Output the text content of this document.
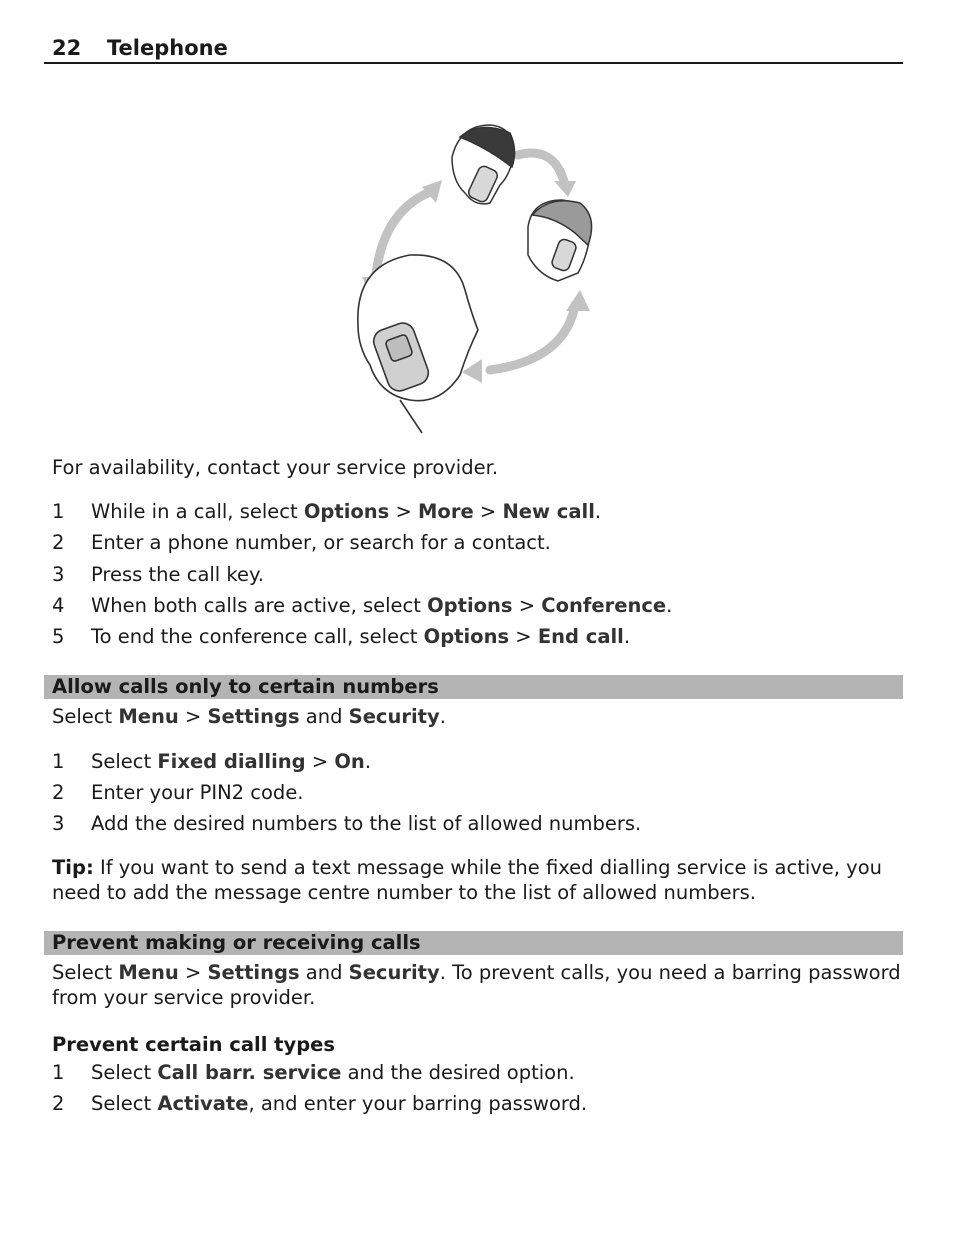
22 Telephone
For availability, contact your service provider.
1 While in a call, select Options > More > New call.
2 Enter a phone number, or search for a contact.
3 Press the call key.
4 When both calls are active, select Options > Conference.
5 To end the conference call, select Options > End call.
Allow calls only to certain numbers
Select Menu > Settings and Security.
1 Select Fixed dialling > On.
2 Enter your PIN2 code.
3 Add the desired numbers to the list of allowed numbers.
Tip: If you want to send a text message while the fixed dialling service is active, you need to add the message centre number to the list of allowed numbers.
Prevent making or receiving calls
Select Menu > Settings and Security. To prevent calls, you need a barring password from your service provider.
Prevent certain call types
1 Select Call barr. service and the desired option.
2 Select Activate, and enter your barring password.
